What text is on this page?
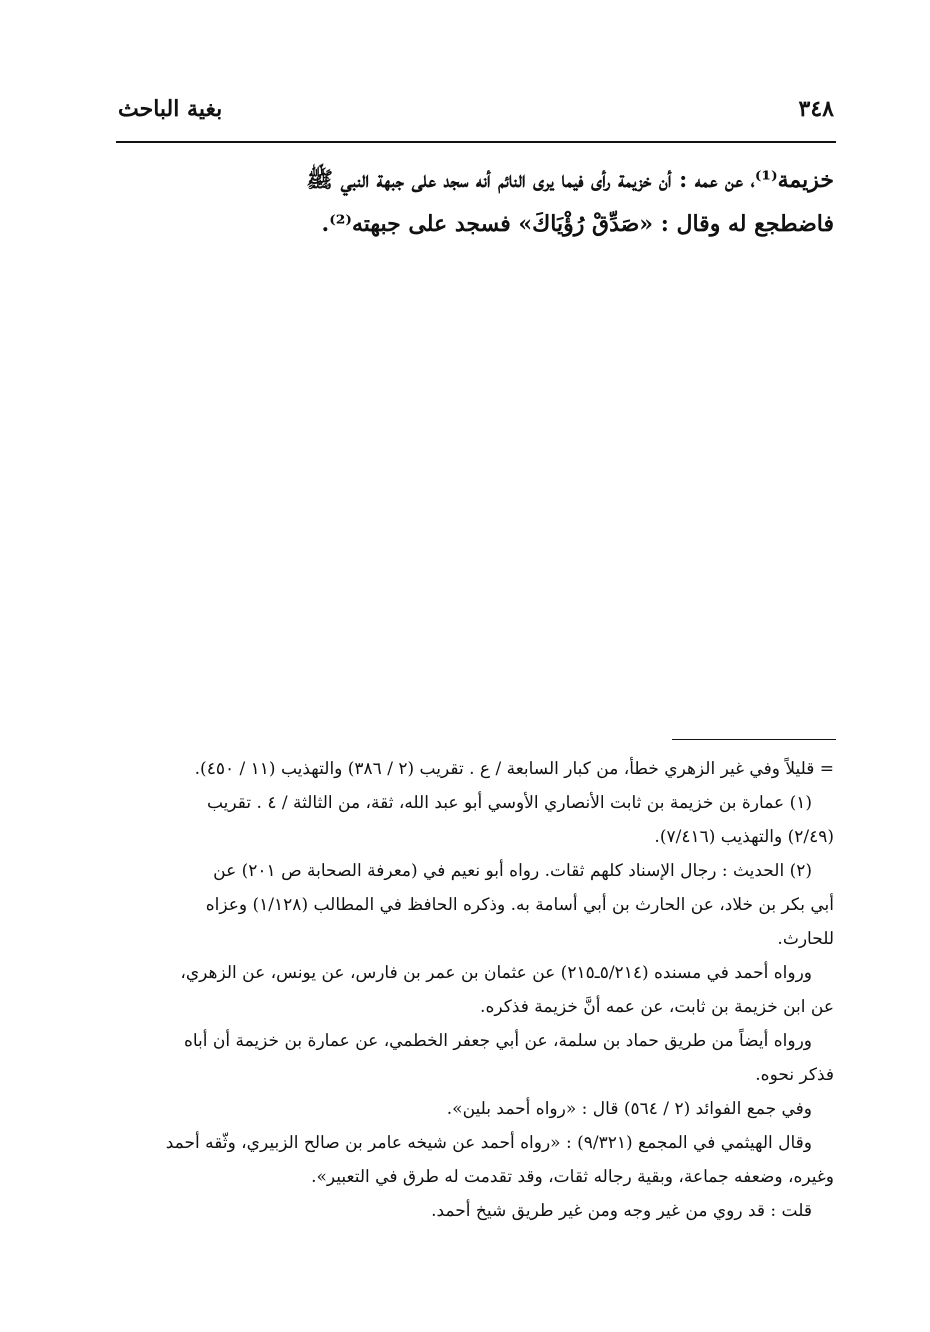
٣٤٨
بغية الباحث

خزيمة⁽¹⁾، عن عمه : أن خزيمة رأى فيما يرى النائم أنه سجد على جبهة النبي ﷺ

فاضطجع له وقال : «صَدِّقْ رُؤْيَاكَ» فسجد على جبهته⁽²⁾.

= قليلاً وفي غير الزهري خطأ، من كبار السابعة / ع . تقريب (٢ / ٣٨٦) والتهذيب (١١ / ٤٥٠).

(١) عمارة بن خزيمة بن ثابت الأنصاري الأوسي أبو عبد الله، ثقة، من الثالثة / ٤ . تقريب

(٢/٤٩) والتهذيب (٧/٤١٦).

(٢) الحديث : رجال الإسناد كلهم ثقات. رواه أبو نعيم في (معرفة الصحابة ص ٢٠١) عن

أبي بكر بن خلاد، عن الحارث بن أبي أسامة به. وذكره الحافظ في المطالب (١/١٢٨) وعزاه

للحارث.

ورواه أحمد في مسنده (٥/٢١٤ـ٢١٥) عن عثمان بن عمر بن فارس، عن يونس، عن الزهري،

عن ابن خزيمة بن ثابت، عن عمه أنَّ خزيمة فذكره.

ورواه أيضاً من طريق حماد بن سلمة، عن أبي جعفر الخطمي، عن عمارة بن خزيمة أن أباه

فذكر نحوه.

وفي جمع الفوائد (٢ / ٥٦٤) قال : «رواه أحمد بلين».

وقال الهيثمي في المجمع (٩/٣٢١) : «رواه أحمد عن شيخه عامر بن صالح الزبيري، وثّقه أحمد

وغيره، وضعفه جماعة، وبقية رجاله ثقات، وقد تقدمت له طرق في التعبير».

قلت : قد روي من غير وجه ومن غير طريق شيخ أحمد.
